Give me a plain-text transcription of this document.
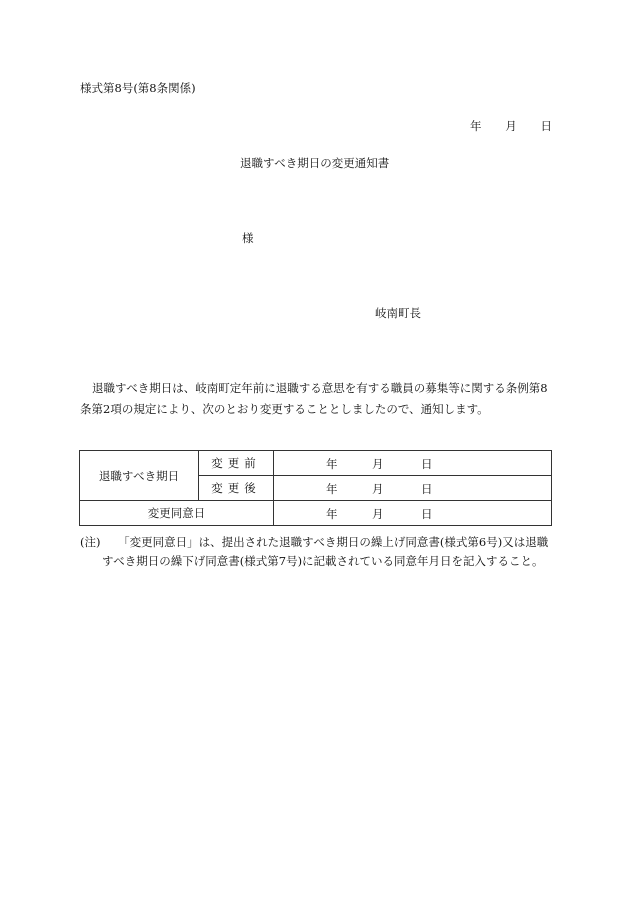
様式第8号(第8条関係)
年 月 日
退職すべき期日の変更通知書
様
岐南町長
退職すべき期日は、岐南町定年前に退職する意思を有する職員の募集等に関する条例第8条第2項の規定により、次のとおり変更することとしましたので、通知します。
退職すべき期日	変更前	年 月 日

	変更後	年 月 日

変更同意日		年 月 日
(注) 「変更同意日」は、提出された退職すべき期日の繰上げ同意書(様式第6号)又は退職
すべき期日の繰下げ同意書(様式第7号)に記載されている同意年月日を記入すること。
